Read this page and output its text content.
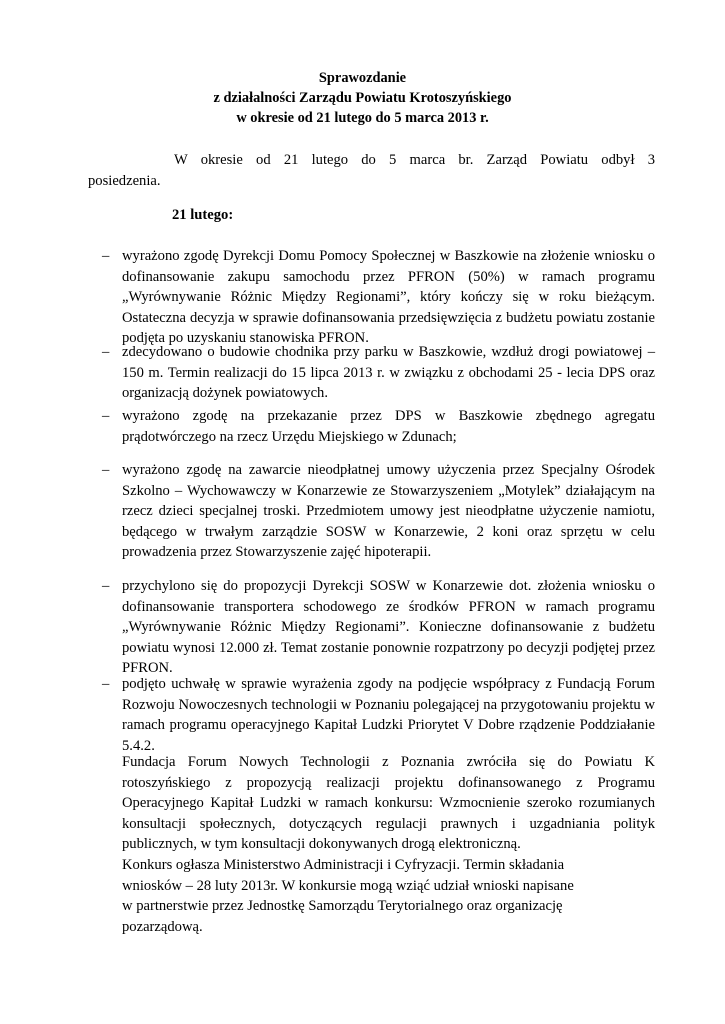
Sprawozdanie

z działalności Zarządu Powiatu Krotoszyńskiego

w okresie od 21 lutego do 5 marca 2013 r.

W okresie od 21 lutego do 5 marca br. Zarząd Powiatu odbył 3
posiedzenia.
21 lutego:
– wyrażono zgodę Dyrekcji Domu Pomocy Społecznej w Baszkowie na złożenie wniosku o dofinansowanie zakupu samochodu przez PFRON (50%) w ramach programu „Wyrównywanie Różnic Między Regionami”, który kończy się w roku bieżącym. Ostateczna decyzja w sprawie dofinansowania przedsięwzięcia z budżetu powiatu zostanie podjęta po uzyskaniu stanowiska PFRON.
– zdecydowano o budowie chodnika przy parku w Baszkowie, wzdłuż drogi powiatowej – 150 m. Termin realizacji do 15 lipca 2013 r. w związku z obchodami 25 - lecia DPS oraz organizacją dożynek powiatowych.
– wyrażono zgodę na przekazanie przez DPS w Baszkowie zbędnego agregatu prądotwórczego na rzecz Urzędu Miejskiego w Zdunach;
– wyrażono zgodę na zawarcie nieodpłatnej umowy użyczenia przez Specjalny Ośrodek Szkolno – Wychowawczy w Konarzewie ze Stowarzyszeniem „Motylek” działającym na rzecz dzieci specjalnej troski. Przedmiotem umowy jest nieodpłatne użyczenie namiotu, będącego w trwałym zarządzie SOSW w Konarzewie, 2 koni oraz sprzętu w celu prowadzenia przez Stowarzyszenie zajęć hipoterapii.
– przychylono się do propozycji Dyrekcji SOSW w Konarzewie dot. złożenia wniosku o dofinansowanie transportera schodowego ze środków PFRON w ramach programu „Wyrównywanie Różnic Między Regionami”. Konieczne dofinansowanie z budżetu powiatu wynosi 12.000 zł. Temat zostanie ponownie rozpatrzony po decyzji podjętej przez PFRON.
– podjęto uchwałę w sprawie wyrażenia zgody na podjęcie współpracy z Fundacją Forum Rozwoju Nowoczesnych technologii w Poznaniu polegającej na przygotowaniu projektu w ramach programu operacyjnego Kapitał Ludzki Priorytet V Dobre rządzenie Poddziałanie 5.4.2.
Fundacja Forum Nowych Technologii z Poznania zwróciła się do Powiatu K rotoszyńskiego z propozycją realizacji projektu dofinansowanego z Programu Operacyjnego Kapitał Ludzki w ramach konkursu: Wzmocnienie szeroko rozumianych konsultacji społecznych, dotyczących regulacji prawnych i uzgadniania polityk publicznych, w tym konsultacji dokonywanych drogą elektroniczną.
Konkurs ogłasza Ministerstwo Administracji i Cyfryzacji. Termin składania
wniosków – 28 luty 2013r. W konkursie mogą wziąć udział wnioski napisane
w partnerstwie przez Jednostkę Samorządu Terytorialnego oraz organizację
pozarządową.
